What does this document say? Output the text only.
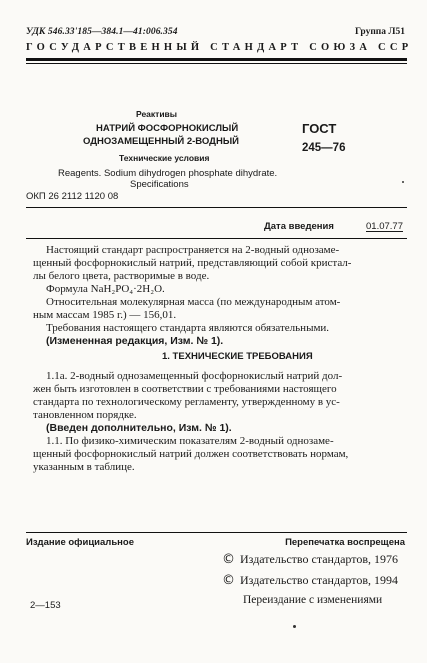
УДК 546.33'185—384.1—41:006.354	Группа Л51
ГОСУДАРСТВЕННЫЙ СТАНДАРТ СОЮЗА ССР
Реактивы
НАТРИЙ ФОСФОРНОКИСЛЫЙ
ОДНОЗАМЕЩЕННЫЙ 2-ВОДНЫЙ
Технические условия
ГОСТ
245—76
Reagents. Sodium dihydrogen phosphate dihydrate.
Specifications
ОКП 26 2112 1120 08
Дата введения	01.07.77
Настоящий стандарт распространяется на 2-водный однозаме-
щенный фосфорнокислый натрий, представляющий собой кристал-
лы белого цвета, растворимые в воде.
Формула NaH₂PO₄·2H₂O.
Относительная молекулярная масса (по международным атом-
ным массам 1985 г.) — 156,01.
Требования настоящего стандарта являются обязательными.
(Измененная редакция, Изм. № 1).
1. ТЕХНИЧЕСКИЕ ТРЕБОВАНИЯ
1.1а. 2-водный однозамещенный фосфорнокислый натрий дол-
жен быть изготовлен в соответствии с требованиями настоящего
стандарта по технологическому регламенту, утвержденному в ус-
тановленном порядке.
(Введен дополнительно, Изм. № 1).
1.1. По физико-химическим показателям 2-водный однозаме-
щенный фосфорнокислый натрий должен соответствовать нормам,
указанным в таблице.
Издание официальное	Перепечатка воспрещена
© Издательство стандартов, 1976
© Издательство стандартов, 1994
Переиздание с изменениями
2—153
